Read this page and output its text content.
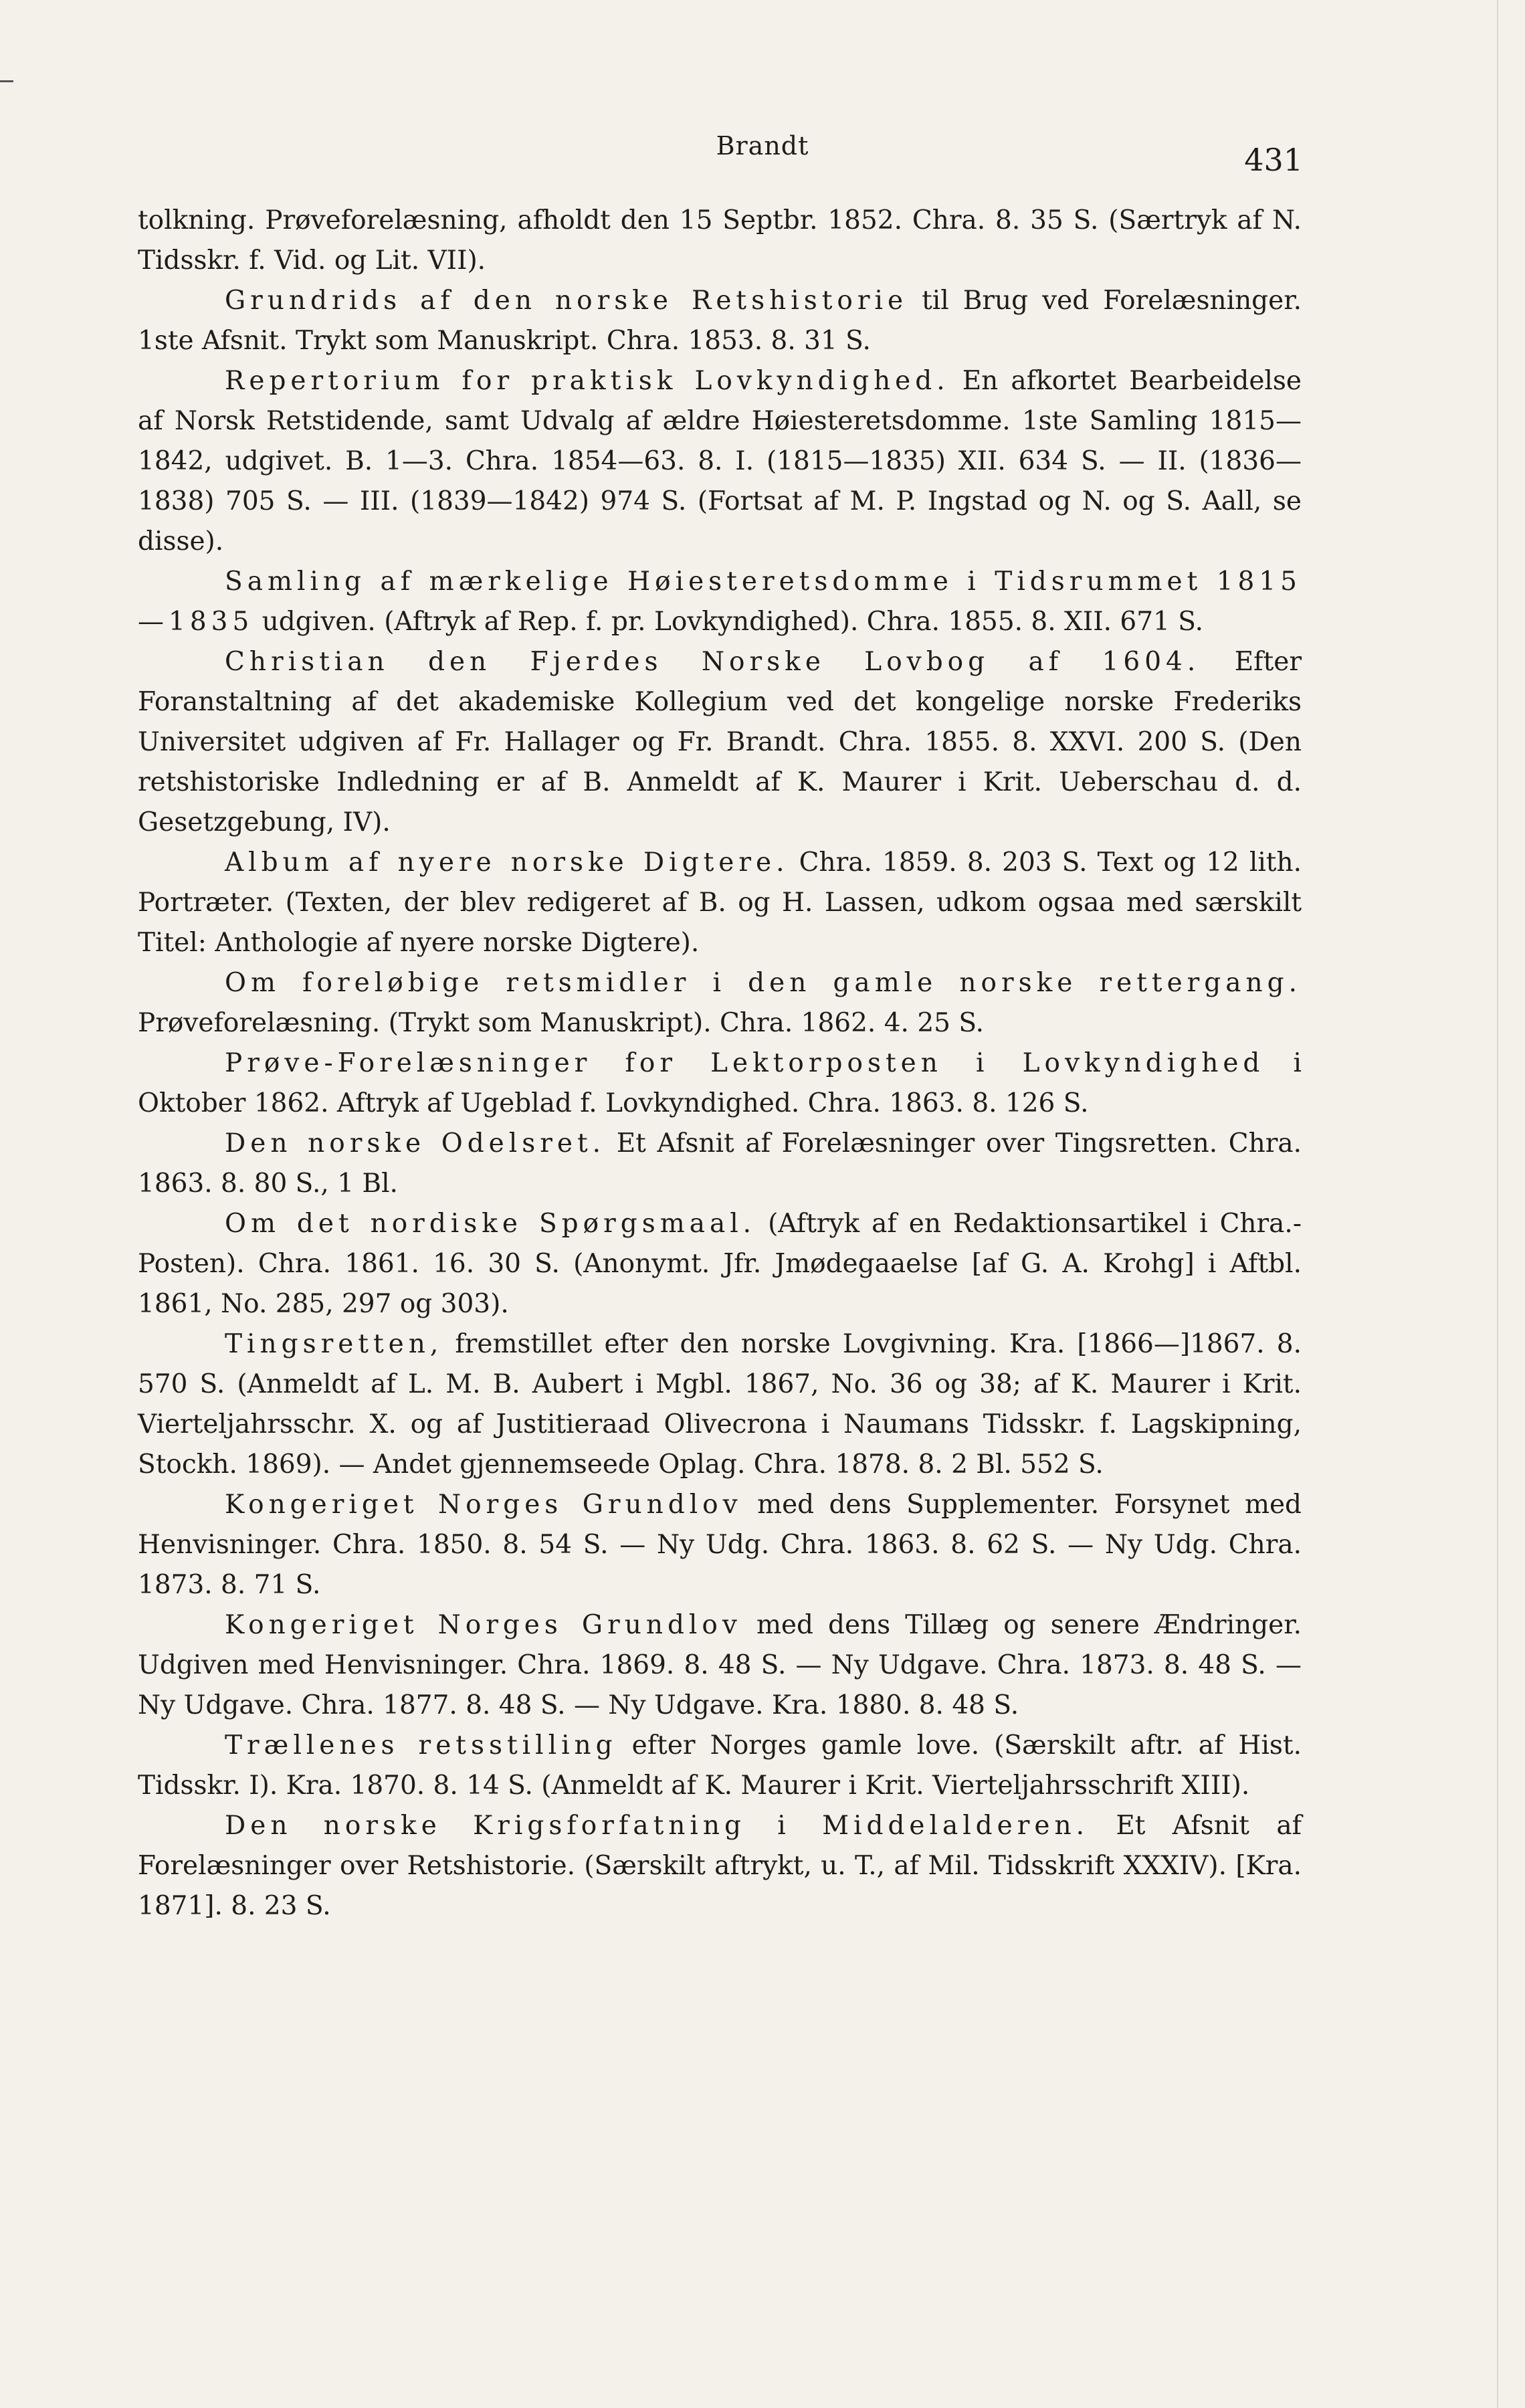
Brandt	431

tolkning. Prøveforelæsning, afholdt den 15 Septbr. 1852. Chra. 8. 35 S. (Særtryk af N. Tidsskr. f. Vid. og Lit. VII).

Grundrids af den norske Retshistorie til Brug ved Forelæsninger. 1ste Afsnit. Trykt som Manuskript. Chra. 1853. 8. 31 S.

Repertorium for praktisk Lovkyndighed. En afkortet Bearbeidelse af Norsk Retstidende, samt Udvalg af ældre Høiesteretsdomme. 1ste Samling 1815—1842, udgivet. B. 1—3. Chra. 1854—63. 8. I. (1815—1835) XII. 634 S. — II. (1836—1838) 705 S. — III. (1839—1842) 974 S. (Fortsat af M. P. Ingstad og N. og S. Aall, se disse).

Samling af mærkelige Høiesteretsdomme i Tidsrummet 1815—1835 udgiven. (Aftryk af Rep. f. pr. Lovkyndighed). Chra. 1855. 8. XII. 671 S.

Christian den Fjerdes Norske Lovbog af 1604. Efter Foranstaltning af det akademiske Kollegium ved det kongelige norske Frederiks Universitet udgiven af Fr. Hallager og Fr. Brandt. Chra. 1855. 8. XXVI. 200 S. (Den retshistoriske Indledning er af B. Anmeldt af K. Maurer i Krit. Ueberschau d. d. Gesetzgebung, IV).

Album af nyere norske Digtere. Chra. 1859. 8. 203 S. Text og 12 lith. Portræter. (Texten, der blev redigeret af B. og H. Lassen, udkom ogsaa med særskilt Titel: Anthologie af nyere norske Digtere).

Om foreløbige retsmidler i den gamle norske rettergang. Prøveforelæsning. (Trykt som Manuskript). Chra. 1862. 4. 25 S.

Prøve-Forelæsninger for Lektorposten i Lovkyndighed i Oktober 1862. Aftryk af Ugeblad f. Lovkyndighed. Chra. 1863. 8. 126 S.

Den norske Odelsret. Et Afsnit af Forelæsninger over Tingsretten. Chra. 1863. 8. 80 S., 1 Bl.

Om det nordiske Spørgsmaal. (Aftryk af en Redaktionsartikel i Chra.-Posten). Chra. 1861. 16. 30 S. (Anonymt. Jfr. Jmødegaaelse [af G. A. Krohg] i Aftbl. 1861, No. 285, 297 og 303).

Tingsretten, fremstillet efter den norske Lovgivning. Kra. [1866—]1867. 8. 570 S. (Anmeldt af L. M. B. Aubert i Mgbl. 1867, No. 36 og 38; af K. Maurer i Krit. Vierteljahrsschr. X. og af Justitieraad Olivecrona i Naumans Tidsskr. f. Lagskipning, Stockh. 1869). — Andet gjennemseede Oplag. Chra. 1878. 8. 2 Bl. 552 S.

Kongeriget Norges Grundlov med dens Supplementer. Forsynet med Henvisninger. Chra. 1850. 8. 54 S. — Ny Udg. Chra. 1863. 8. 62 S. — Ny Udg. Chra. 1873. 8. 71 S.

Kongeriget Norges Grundlov med dens Tillæg og senere Ændringer. Udgiven med Henvisninger. Chra. 1869. 8. 48 S. — Ny Udgave. Chra. 1873. 8. 48 S. — Ny Udgave. Chra. 1877. 8. 48 S. — Ny Udgave. Kra. 1880. 8. 48 S.

Trællenes retsstilling efter Norges gamle love. (Særskilt aftr. af Hist. Tidsskr. I). Kra. 1870. 8. 14 S. (Anmeldt af K. Maurer i Krit. Vierteljahrsschrift XIII).

Den norske Krigsforfatning i Middelalderen. Et Afsnit af Forelæsninger over Retshistorie. (Særskilt aftrykt, u. T., af Mil. Tidsskrift XXXIV). [Kra. 1871]. 8. 23 S.
